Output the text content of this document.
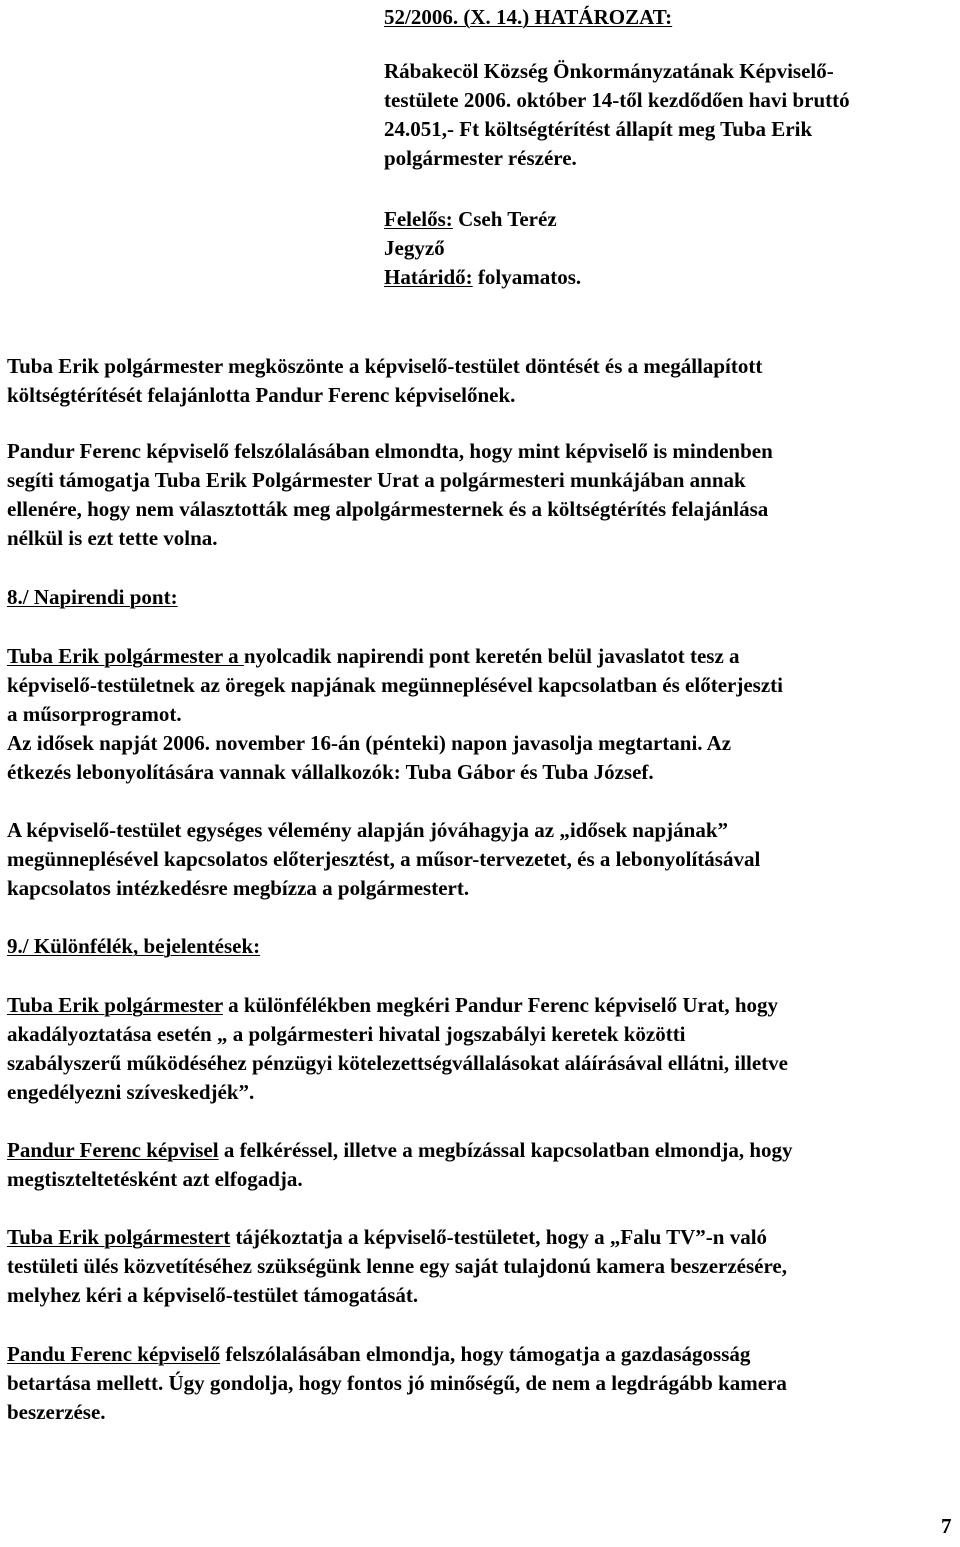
52/2006. (X. 14.) HATÁROZAT:
Rábakecöl Község Önkormányzatának Képviselő-
testülete 2006. október 14-től kezdődően havi bruttó
24.051,- Ft költségtérítést állapít meg Tuba Erik
polgármester részére.
Felelős: Cseh Teréz
Jegyző
Határidő: folyamatos.
Tuba Erik polgármester megköszönte a képviselő-testület döntését és a megállapított
költségtérítését felajánlotta Pandur Ferenc képviselőnek.
Pandur Ferenc képviselő felszólalásában elmondta, hogy mint képviselő is mindenben
segíti támogatja Tuba Erik Polgármester Urat a polgármesteri munkájában annak
ellenére, hogy nem választották meg alpolgármesternek és a költségtérítés felajánlása
nélkül is ezt tette volna.
8./ Napirendi pont:
Tuba Erik polgármester a nyolcadik napirendi pont keretén belül javaslatot tesz a
képviselő-testületnek az öregek napjának megünneplésével kapcsolatban és előterjeszti
a műsorprogramot.
Az idősek napját 2006. november 16-án (pénteki) napon javasolja megtartani. Az
étkezés lebonyolítására vannak vállalkozók: Tuba Gábor és Tuba József.
A képviselő-testület egységes vélemény alapján jóváhagyja az „idősek napjának”
megünneplésével kapcsolatos előterjesztést, a műsor-tervezetet, és a lebonyolításával
kapcsolatos intézkedésre megbízza a polgármestert.
9./ Különfélék, bejelentések:
Tuba Erik polgármester a különfélékben megkéri Pandur Ferenc képviselő Urat, hogy
akadályoztatása esetén „ a polgármesteri hivatal jogszabályi keretek közötti
szabályszerű működéséhez pénzügyi kötelezettségvállalásokat aláírásával ellátni, illetve
engedélyezni szíveskedjék”.
Pandur Ferenc képvisel a felkéréssel, illetve a megbízással kapcsolatban elmondja, hogy
megtiszteltetésként azt elfogadja.
Tuba Erik polgármestert tájékoztatja a képviselő-testületet, hogy a „Falu TV”-n való
testületi ülés közvetítéséhez szükségünk lenne egy saját tulajdonú kamera beszerzésére,
melyhez kéri a képviselő-testület támogatását.
Pandu Ferenc képviselő felszólalásában elmondja, hogy támogatja a gazdaságosság
betartása mellett. Úgy gondolja, hogy fontos jó minőségű, de nem a legdrágább kamera
beszerzése.
7
